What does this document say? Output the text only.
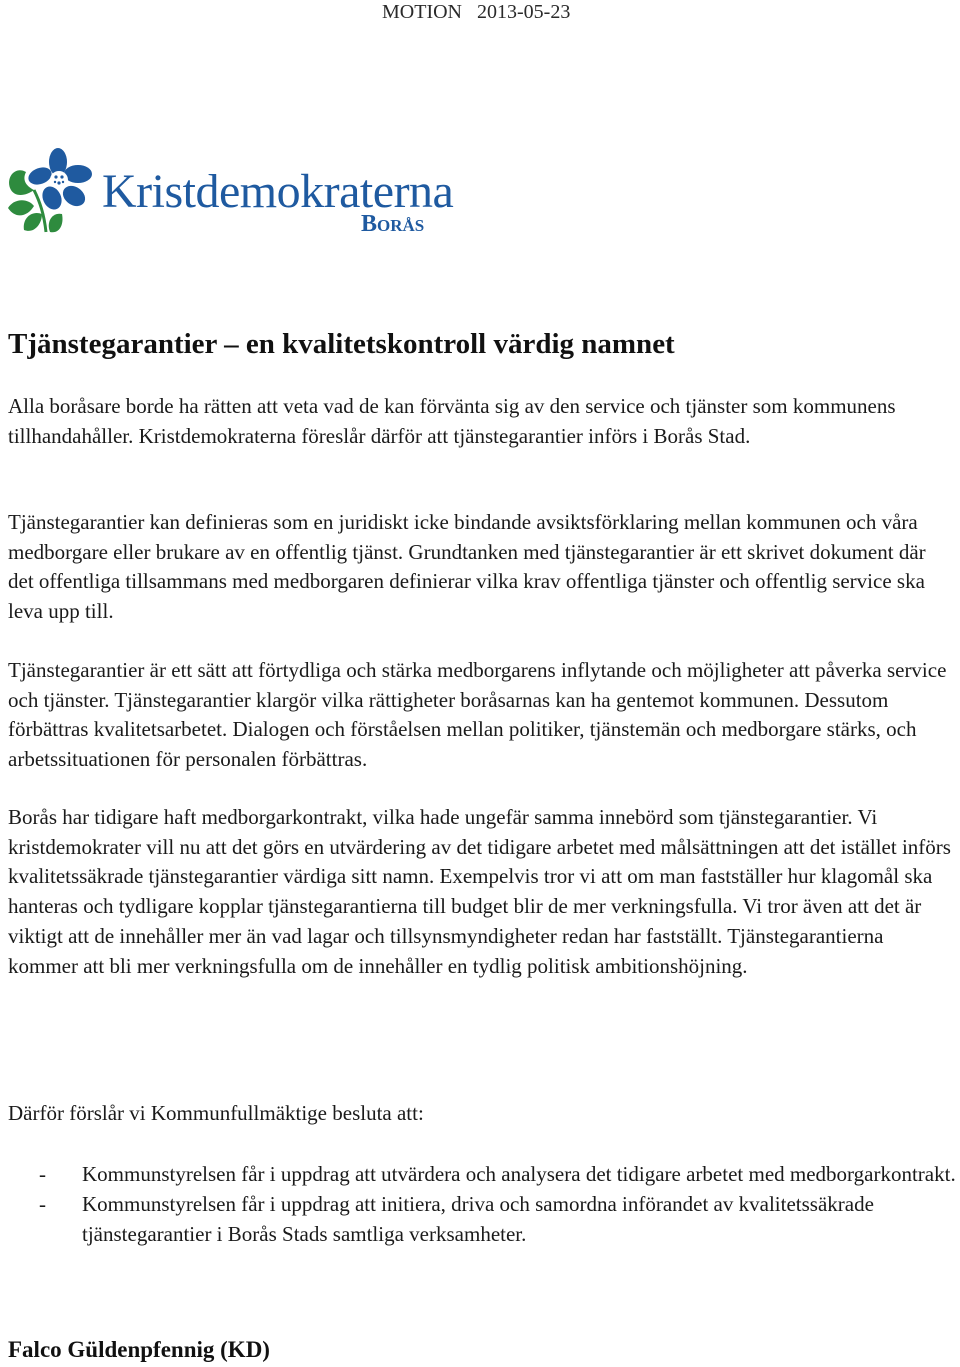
MOTION 2013-05-23
Kristdemokraterna
Borås
Tjänstegarantier – en kvalitetskontroll värdig namnet

Alla boråsare borde ha rätten att veta vad de kan förvänta sig av den service och tjänster som kommunens tillhandahåller. Kristdemokraterna föreslår därför att tjänstegarantier införs i Borås Stad.

Tjänstegarantier kan definieras som en juridiskt icke bindande avsiktsförklaring mellan kommunen och våra medborgare eller brukare av en offentlig tjänst. Grundtanken med tjänstegarantier är ett skrivet dokument där det offentliga tillsammans med medborgaren definierar vilka krav offentliga tjänster och offentlig service ska leva upp till.

Tjänstegarantier är ett sätt att förtydliga och stärka medborgarens inflytande och möjligheter att påverka service och tjänster. Tjänstegarantier klargör vilka rättigheter boråsarnas kan ha gentemot kommunen. Dessutom förbättras kvalitetsarbetet. Dialogen och förståelsen mellan politiker, tjänstemän och medborgare stärks, och arbetssituationen för personalen förbättras.

Borås har tidigare haft medborgarkontrakt, vilka hade ungefär samma innebörd som tjänstegarantier. Vi kristdemokrater vill nu att det görs en utvärdering av det tidigare arbetet med målsättningen att det istället införs kvalitetssäkrade tjänstegarantier värdiga sitt namn. Exempelvis tror vi att om man fastställer hur klagomål ska hanteras och tydligare kopplar tjänstegarantierna till budget blir de mer verkningsfulla. Vi tror även att det är viktigt att de innehåller mer än vad lagar och tillsynsmyndigheter redan har fastställt. Tjänstegarantierna kommer att bli mer verkningsfulla om de innehåller en tydlig politisk ambitionshöjning.

Därför förslår vi Kommunfullmäktige besluta att:

- Kommunstyrelsen får i uppdrag att utvärdera och analysera det tidigare arbetet med medborgarkontrakt.
- Kommunstyrelsen får i uppdrag att initiera, driva och samordna införandet av kvalitetssäkrade tjänstegarantier i Borås Stads samtliga verksamheter.

Falco Güldenpfennig (KD)
